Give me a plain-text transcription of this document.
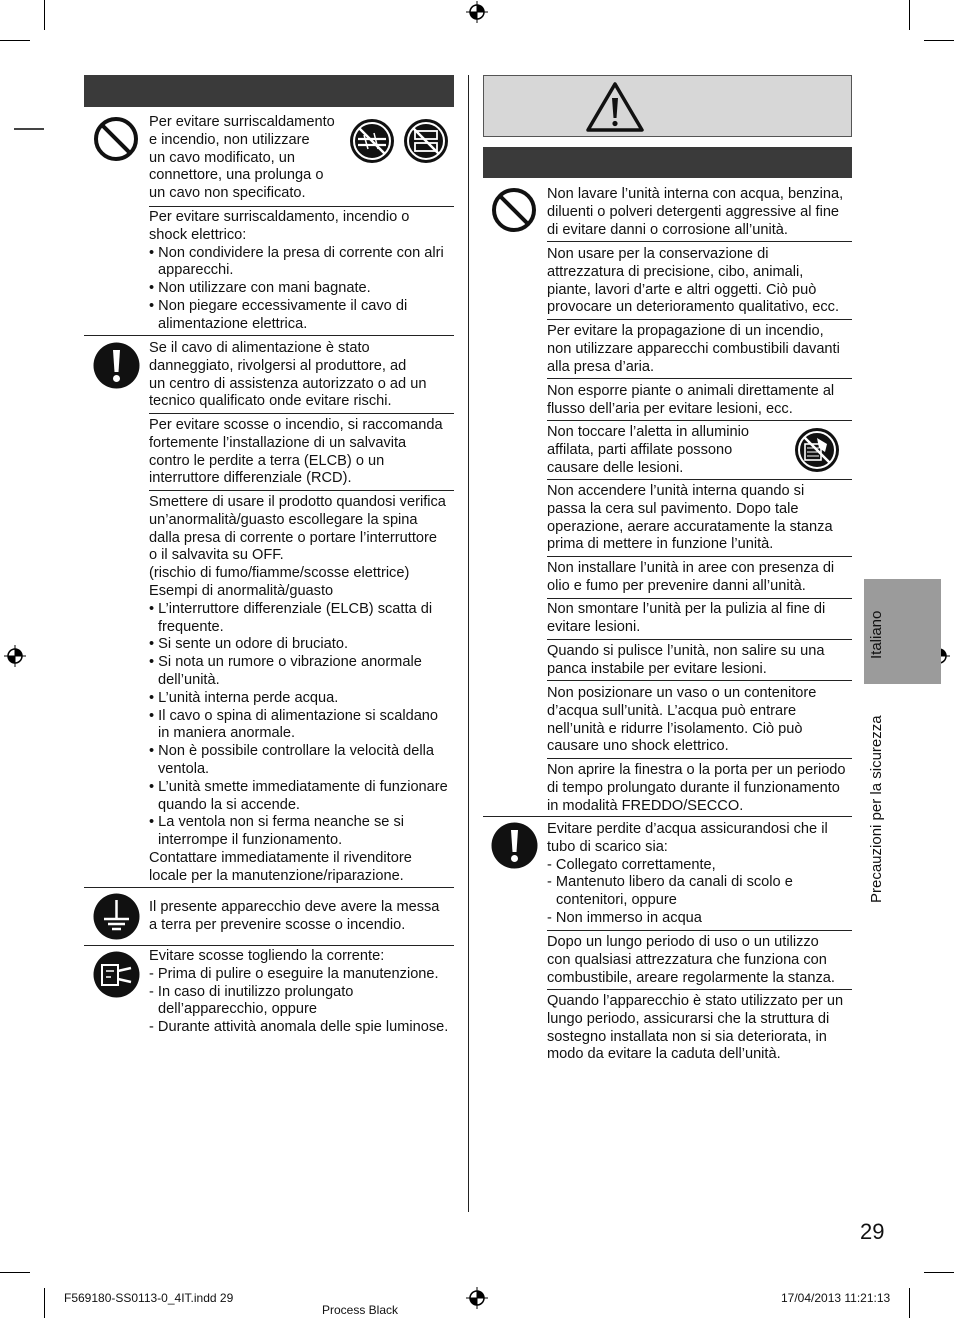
Per evitare surriscaldamento

e incendio, non utilizzare

un cavo modificato, un

connettore, una prolunga o

un cavo non specificato.

Per evitare surriscaldamento, incendio o

shock elettrico:

• Non condividere la presa di corrente con alri
apparecchi.

• Non utilizzare con mani bagnate.

• Non piegare eccessivamente il cavo di
alimentazione elettrica.

Se il cavo di alimentazione è stato

danneggiato, rivolgersi al produttore, ad

un centro di assistenza autorizzato o ad un

tecnico qualificato onde evitare rischi.

Per evitare scosse o incendio, si raccomanda

fortemente l’installazione di un salvavita

contro le perdite a terra (ELCB) o un

interruttore differenziale (RCD).

Smettere di usare il prodotto quandosi verifica

un’anormalità/guasto escollegare la spina

dalla presa di corrente o portare l’interruttore

o il salvavita su OFF.

(rischio di fumo/fiamme/scosse elettrice)

Esempi di anormalità/guasto

• L’interruttore differenziale (ELCB) scatta di
frequente.

• Si sente un odore di bruciato.

• Si nota un rumore o vibrazione anormale
dell’unità.

• L’unità interna perde acqua.

• Il cavo o spina di alimentazione si scaldano
in maniera anormale.

• Non è possibile controllare la velocità della
ventola.

• L’unità smette immediatamente di funzionare
quando la si accende.

• La ventola non si ferma neanche se si
interrompe il funzionamento.

Contattare immediatamente il rivenditore

locale per la manutenzione/riparazione.

Il presente apparecchio deve avere la messa

a terra per prevenire scosse o incendio.

Evitare scosse togliendo la corrente:

- Prima di pulire o eseguire la manutenzione.

- In caso di inutilizzo prolungato
dell’apparecchio, oppure

- Durante attività anomala delle spie luminose.

Non lavare l’unità interna con acqua, benzina,

diluenti o polveri detergenti aggressive al fine

di evitare danni o corrosione all’unità.

Non usare per la conservazione di

attrezzatura di precisione, cibo, animali,

piante, lavori d’arte e altri oggetti. Ciò può

provocare un deterioramento qualitativo, ecc.

Per evitare la propagazione di un incendio,

non utilizzare apparecchi combustibili davanti

alla presa d’aria.

Non esporre piante o animali direttamente al

flusso dell’aria per evitare lesioni, ecc.

Non toccare l’aletta in alluminio

affilata, parti affilate possono

causare delle lesioni.

Non accendere l’unità interna quando si

passa la cera sul pavimento. Dopo tale

operazione, aerare accuratamente la stanza

prima di mettere in funzione l’unità.

Non installare l’unità in aree con presenza di

olio e fumo per prevenire danni all’unità.

Non smontare l’unità per la pulizia al fine di

evitare lesioni.

Quando si pulisce l’unità, non salire su una

panca instabile per evitare lesioni.

Non posizionare un vaso o un contenitore

d’acqua sull’unità. L’acqua può entrare

nell’unità e ridurre l’isolamento. Ciò può

causare uno shock elettrico.

Non aprire la finestra o la porta per un periodo

di tempo prolungato durante il funzionamento

in modalità FREDDO/SECCO.

Evitare perdite d’acqua assicurandosi che il

tubo di scarico sia:

- Collegato correttamente,

- Mantenuto libero da canali di scolo e
contenitori, oppure

- Non immerso in acqua

Dopo un lungo periodo di uso o un utilizzo

con qualsiasi attrezzatura che funziona con

combustibile, areare regolarmente la stanza.

Quando l’apparecchio è stato utilizzato per un

lungo periodo, assicurarsi che la struttura di

sostegno installata non si sia deteriorata, in

modo da evitare la caduta dell’unità.

Italiano
Precauzioni per la sicurezza
29
F569180-SS0113-0_4IT.indd 29
Process Black
17/04/2013 11:21:13
